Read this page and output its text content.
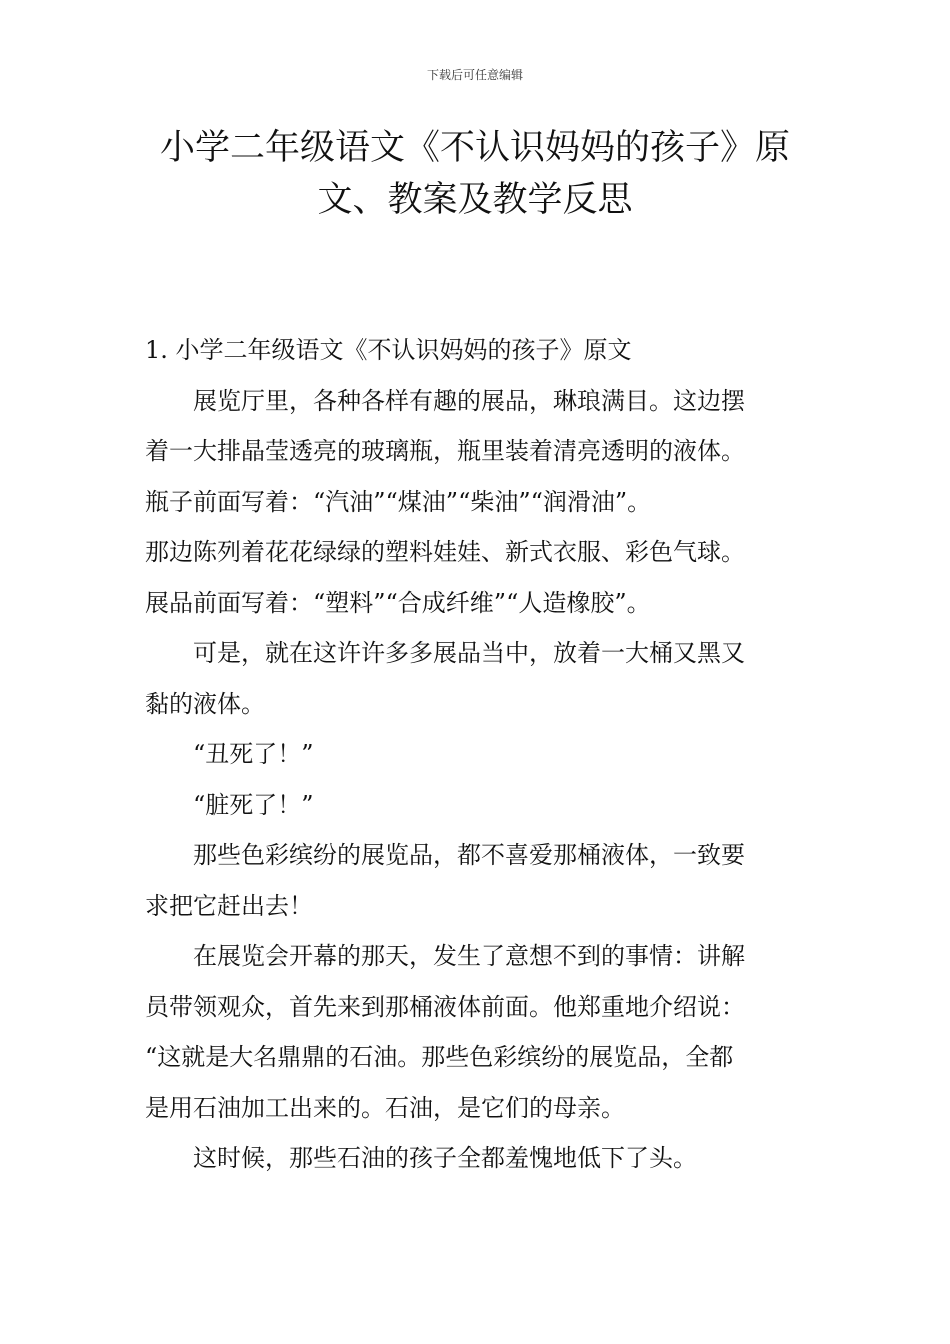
下载后可任意编辑
小学二年级语文《不认识妈妈的孩子》原
文、教案及教学反思

1. 小学二年级语文《不认识妈妈的孩子》原文

展览厅里，各种各样有趣的展品，琳琅满目。这边摆
着一大排晶莹透亮的玻璃瓶，瓶里装着清亮透明的液体。
瓶子前面写着：“汽油”“煤油”“柴油”“润滑油”。
那边陈列着花花绿绿的塑料娃娃、新式衣服、彩色气球。
展品前面写着：“塑料”“合成纤维”“人造橡胶”。
可是，就在这许许多多展品当中，放着一大桶又黑又
黏的液体。
“丑死了！”
“脏死了！”
那些色彩缤纷的展览品，都不喜爱那桶液体，一致要
求把它赶出去！
在展览会开幕的那天，发生了意想不到的事情：讲解
员带领观众，首先来到那桶液体前面。他郑重地介绍说：
“这就是大名鼎鼎的石油。那些色彩缤纷的展览品，全都
是用石油加工出来的。石油，是它们的母亲。
这时候，那些石油的孩子全都羞愧地低下了头。
